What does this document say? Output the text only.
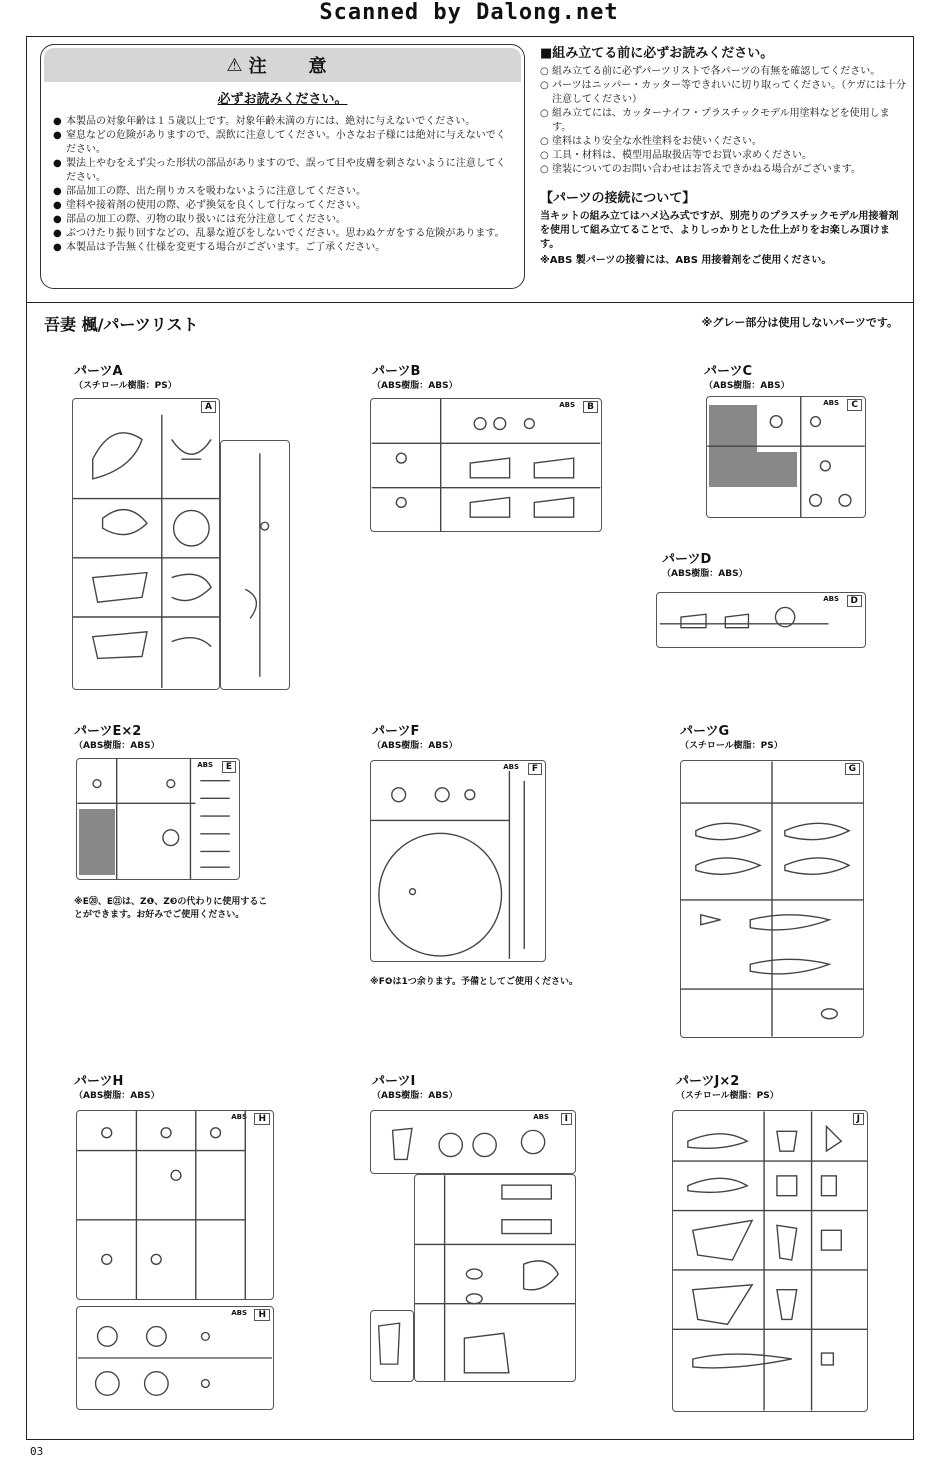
Scanned by Dalong.net
⚠ 注　意
必ずお読みください。
● 本製品の対象年齢は１５歳以上です。対象年齢未満の方には、絶対に与えないでください。
● 窒息などの危険がありますので、誤飲に注意してください。小さなお子様には絶対に与えないでください。
● 製法上やむをえず尖った形状の部品がありますので、誤って目や皮膚を刺さないように注意してください。
● 部品加工の際、出た削りカスを吸わないように注意してください。
● 塗料や接着剤の使用の際、必ず換気を良くして行なってください。
● 部品の加工の際、刃物の取り扱いには充分注意してください。
● ぶつけたり振り回すなどの、乱暴な遊びをしないでください。思わぬケガをする危険があります。
● 本製品は予告無く仕様を変更する場合がございます。ご了承ください。
■組み立てる前に必ずお読みください。
○ 組み立てる前に必ずパーツリストで各パーツの有無を確認してください。
○ パーツはニッパー・カッター等できれいに切り取ってください。（ケガには十分注意してください）
○ 組み立てには、カッターナイフ・プラスチックモデル用塗料などを使用します。
○ 塗料はより安全な水性塗料をお使いください。
○ 工具・材料は、模型用品取扱店等でお買い求めください。
○ 塗装についてのお問い合わせはお答えできかねる場合がございます。
【パーツの接続について】

当キットの組み立てはハメ込み式ですが、別売りのプラスチックモデル用接着剤を使用して組み立てることで、よりしっかりとした仕上がりをお楽しみ頂けます。

※ABS 製パーツの接着には、ABS 用接着剤をご使用ください。

吾妻 楓/パーツリスト	※グレー部分は使用しないパーツです。
パーツA
（スチロール樹脂：PS）
A
パーツB
（ABS樹脂：ABS）
ABS	B
パーツC
（ABS樹脂：ABS）
ABS	C
パーツD
（ABS樹脂：ABS）
ABS	D
パーツE×2
（ABS樹脂：ABS）
ABS	E
※E⑳、E㉑は、Z❶、Z❸の代わりに使用することができます。お好みでご使用ください。
パーツF
（ABS樹脂：ABS）
ABS	F
※F❹は1つ余ります。予備としてご使用ください。
パーツG
（スチロール樹脂：PS）
G
パーツH
（ABS樹脂：ABS）
ABS	H
ABS	H
パーツI
（ABS樹脂：ABS）
ABS	I
パーツJ×2
（スチロール樹脂：PS）
J
03
